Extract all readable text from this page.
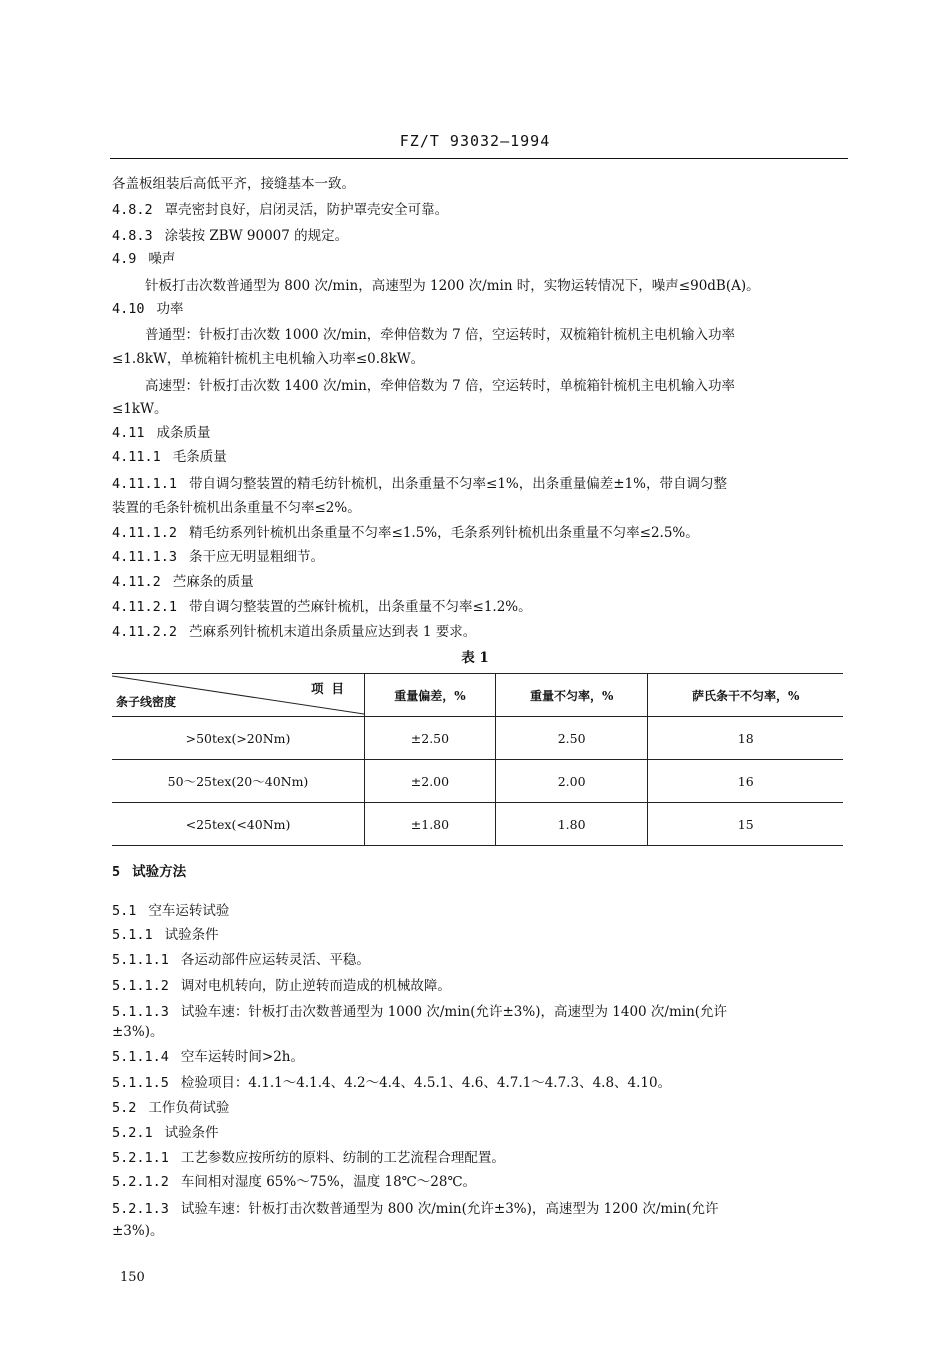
FZ/T 93032—1994
各盖板组装后高低平齐，接缝基本一致。
4.8.2 罩壳密封良好，启闭灵活，防护罩壳安全可靠。
4.8.3 涂装按 ZBW 90007 的规定。
4.9 噪声
针板打击次数普通型为 800 次/min，高速型为 1200 次/min 时，实物运转情况下，噪声≤90dB(A)。
4.10 功率
普通型：针板打击次数 1000 次/min，牵伸倍数为 7 倍，空运转时，双梳箱针梳机主电机输入功率
≤1.8kW，单梳箱针梳机主电机输入功率≤0.8kW。
高速型：针板打击次数 1400 次/min，牵伸倍数为 7 倍，空运转时，单梳箱针梳机主电机输入功率
≤1kW。
4.11 成条质量
4.11.1 毛条质量
4.11.1.1 带自调匀整装置的精毛纺针梳机，出条重量不匀率≤1%，出条重量偏差±1%，带自调匀整
装置的毛条针梳机出条重量不匀率≤2%。
4.11.1.2 精毛纺系列针梳机出条重量不匀率≤1.5%，毛条系列针梳机出条重量不匀率≤2.5%。
4.11.1.3 条干应无明显粗细节。
4.11.2 苎麻条的质量
4.11.2.1 带自调匀整装置的苎麻针梳机，出条重量不匀率≤1.2%。
4.11.2.2 苎麻系列针梳机末道出条质量应达到表 1 要求。
表 1
项目
条子线密度	重量偏差，%	重量不匀率，%	萨氏条干不匀率，%
>50tex(>20Nm)	±2.50	2.50	18
50～25tex(20～40Nm)	±2.00	2.00	16
<25tex(<40Nm)	±1.80	1.80	15
5 试验方法
5.1 空车运转试验
5.1.1 试验条件
5.1.1.1 各运动部件应运转灵活、平稳。
5.1.1.2 调对电机转向，防止逆转而造成的机械故障。
5.1.1.3 试验车速：针板打击次数普通型为 1000 次/min(允许±3%)，高速型为 1400 次/min(允许
±3%)。
5.1.1.4 空车运转时间>2h。
5.1.1.5 检验项目：4.1.1～4.1.4、4.2～4.4、4.5.1、4.6、4.7.1～4.7.3、4.8、4.10。
5.2 工作负荷试验
5.2.1 试验条件
5.2.1.1 工艺参数应按所纺的原料、纺制的工艺流程合理配置。
5.2.1.2 车间相对湿度 65%～75%，温度 18℃～28℃。
5.2.1.3 试验车速：针板打击次数普通型为 800 次/min(允许±3%)，高速型为 1200 次/min(允许
±3%)。
150
